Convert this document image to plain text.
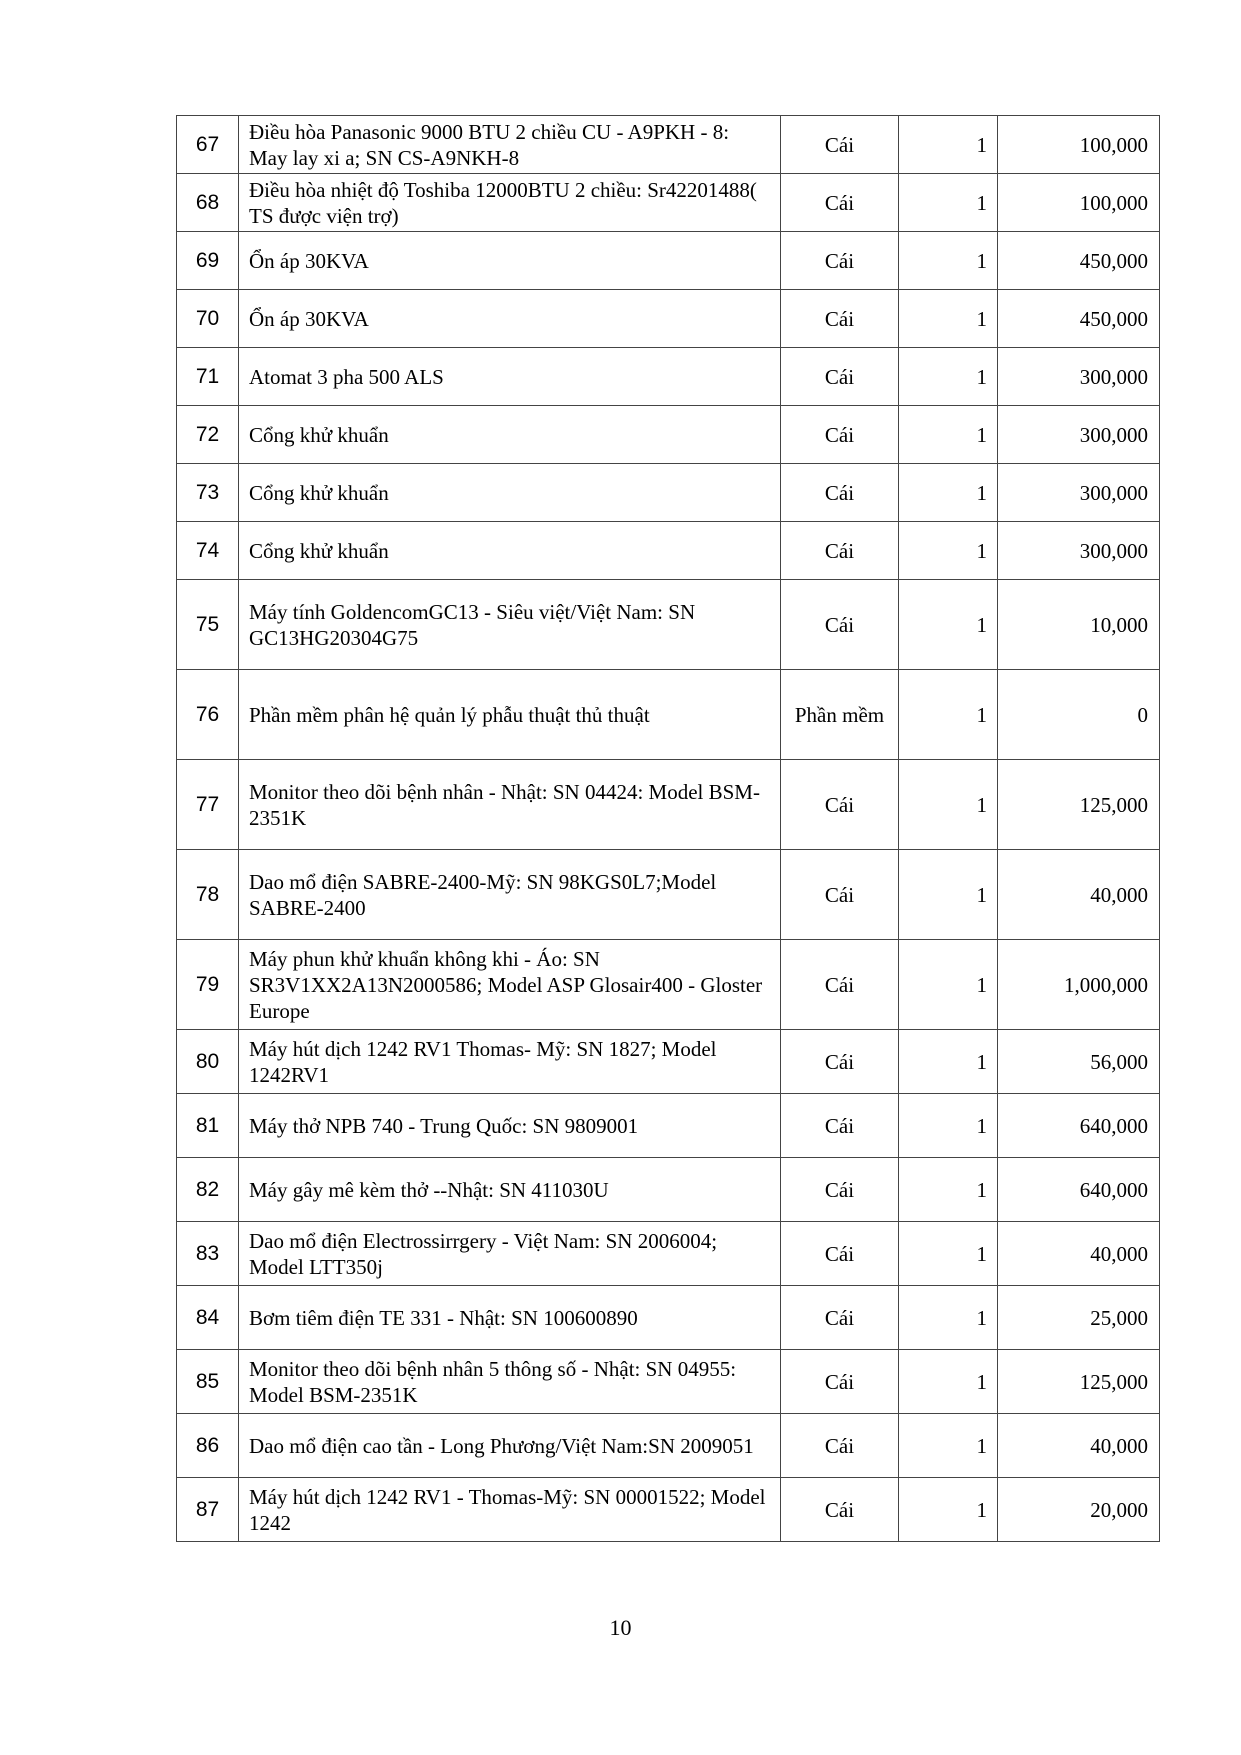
67	Điều hòa Panasonic 9000 BTU 2 chiều CU - A9PKH - 8: May lay xi a; SN CS-A9NKH-8	Cái	1	100,000
68	Điều hòa nhiệt độ Toshiba 12000BTU 2 chiều: Sr42201488( TS được viện trợ)	Cái	1	100,000
69	Ổn áp 30KVA	Cái	1	450,000
70	Ổn áp 30KVA	Cái	1	450,000
71	Atomat 3 pha 500 ALS	Cái	1	300,000
72	Cổng khử khuẩn	Cái	1	300,000
73	Cổng khử khuẩn	Cái	1	300,000
74	Cổng khử khuẩn	Cái	1	300,000
75	Máy tính GoldencomGC13 - Siêu việt/Việt Nam: SN GC13HG20304G75	Cái	1	10,000
76	Phần mềm phân hệ quản lý phẫu thuật thủ thuật	Phần mềm	1	0
77	Monitor theo dõi bệnh nhân - Nhật: SN 04424: Model BSM-2351K	Cái	1	125,000
78	Dao mổ điện SABRE-2400-Mỹ: SN 98KGS0L7;Model SABRE-2400	Cái	1	40,000
79	Máy phun khử khuẩn không khi - Áo: SN SR3V1XX2A13N2000586; Model ASP Glosair400 - Gloster Europe	Cái	1	1,000,000
80	Máy hút dịch 1242 RV1 Thomas- Mỹ: SN 1827; Model 1242RV1	Cái	1	56,000
81	Máy thở NPB 740 - Trung Quốc: SN 9809001	Cái	1	640,000
82	Máy gây mê kèm thở --Nhật: SN 411030U	Cái	1	640,000
83	Dao mổ điện Electrossirrgery - Việt Nam: SN 2006004; Model LTT350j	Cái	1	40,000
84	Bơm tiêm điện TE 331 - Nhật: SN 100600890	Cái	1	25,000
85	Monitor theo dõi bệnh nhân 5 thông số - Nhật: SN 04955: Model BSM-2351K	Cái	1	125,000
86	Dao mổ điện cao tần - Long Phương/Việt Nam:SN 2009051	Cái	1	40,000
87	Máy hút dịch 1242 RV1 - Thomas-Mỹ: SN 00001522; Model 1242	Cái	1	20,000
10
